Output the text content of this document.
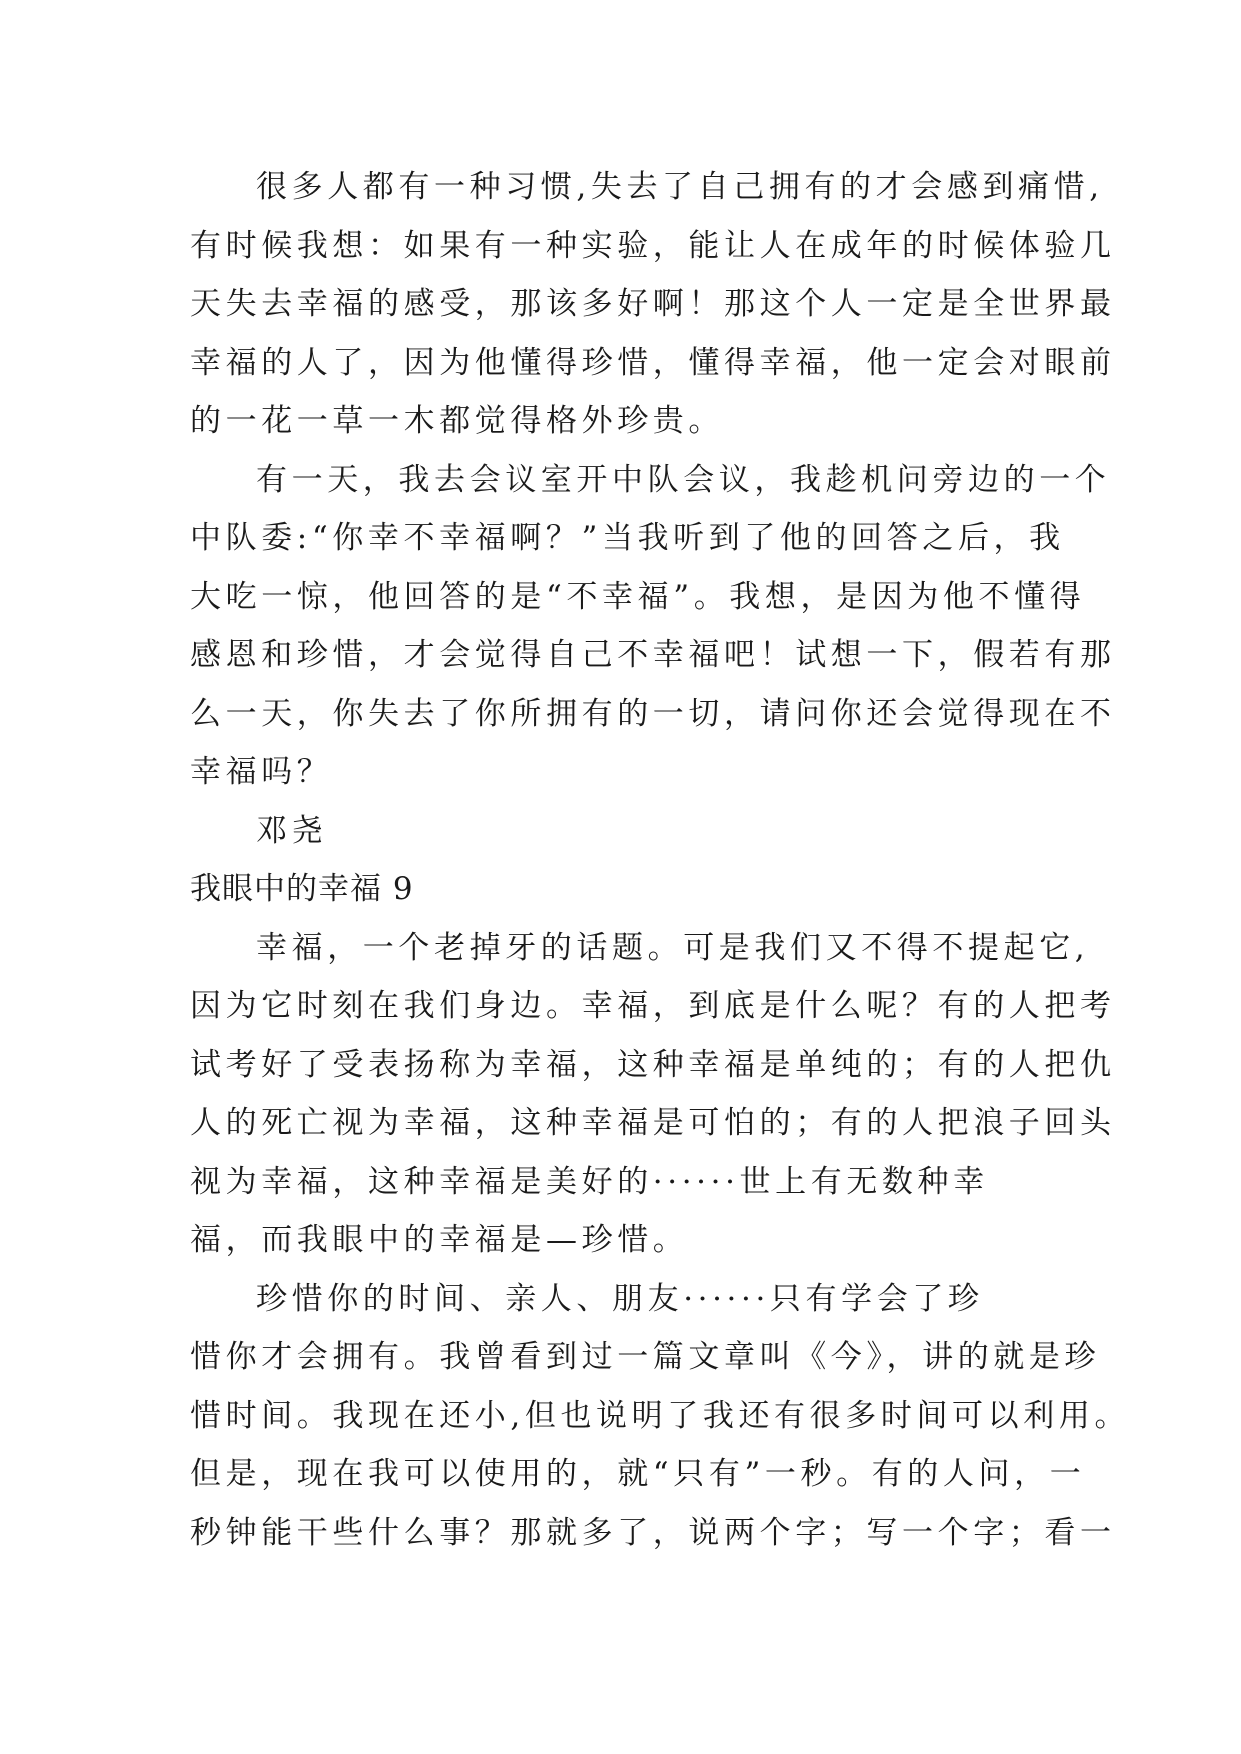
很多人都有一种习惯,失去了自己拥有的才会感到痛惜,
有时候我想：如果有一种实验，能让人在成年的时候体验几
天失去幸福的感受，那该多好啊！那这个人一定是全世界最
幸福的人了，因为他懂得珍惜，懂得幸福，他一定会对眼前
的一花一草一木都觉得格外珍贵。

有一天，我去会议室开中队会议，我趁机问旁边的一个
中队委:“你幸不幸福啊？”当我听到了他的回答之后，我
大吃一惊，他回答的是“不幸福”。我想，是因为他不懂得
感恩和珍惜，才会觉得自己不幸福吧！试想一下，假若有那
么一天，你失去了你所拥有的一切，请问你还会觉得现在不
幸福吗？

邓尧

我眼中的幸福 9

幸福，一个老掉牙的话题。可是我们又不得不提起它,
因为它时刻在我们身边。幸福，到底是什么呢？有的人把考
试考好了受表扬称为幸福，这种幸福是单纯的；有的人把仇
人的死亡视为幸福，这种幸福是可怕的；有的人把浪子回头
视为幸福，这种幸福是美好的······世上有无数种幸
福，而我眼中的幸福是—珍惜。

珍惜你的时间、亲人、朋友······只有学会了珍
惜你才会拥有。我曾看到过一篇文章叫《今》，讲的就是珍
惜时间。我现在还小,但也说明了我还有很多时间可以利用。
但是，现在我可以使用的，就“只有”一秒。有的人问，一
秒钟能干些什么事？那就多了，说两个字；写一个字；看一
